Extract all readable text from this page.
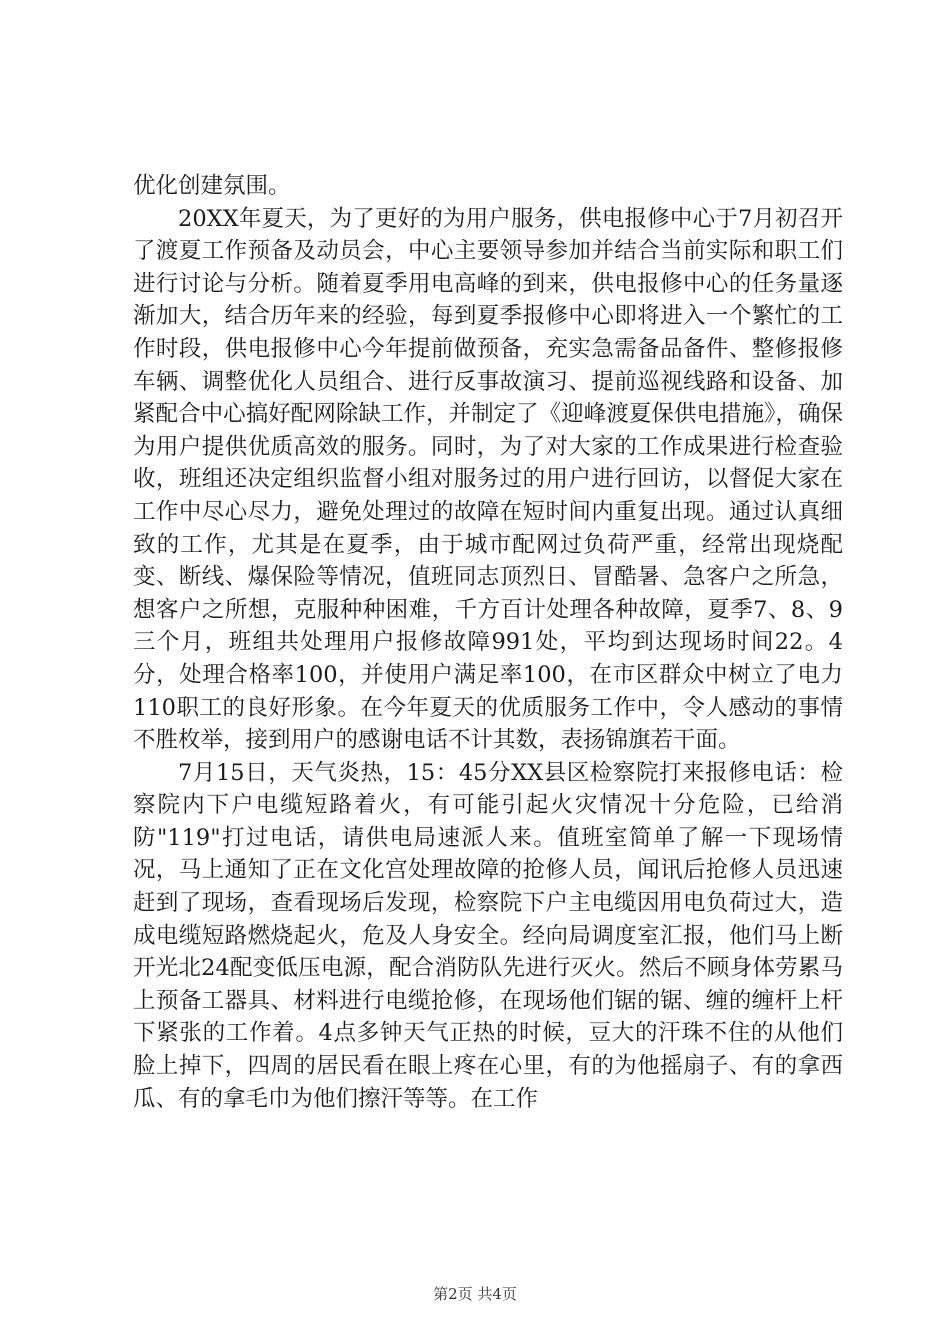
优化创建氛围。

20XX年夏天，为了更好的为用户服务，供电报修中心于7月初召开了渡夏工作预备及动员会，中心主要领导参加并结合当前实际和职工们进行讨论与分析。随着夏季用电高峰的到来，供电报修中心的任务量逐渐加大，结合历年来的经验，每到夏季报修中心即将进入一个繁忙的工作时段，供电报修中心今年提前做预备，充实急需备品备件、整修报修车辆、调整优化人员组合、进行反事故演习、提前巡视线路和设备、加紧配合中心搞好配网除缺工作，并制定了《迎峰渡夏保供电措施》，确保为用户提供优质高效的服务。同时，为了对大家的工作成果进行检查验收，班组还决定组织监督小组对服务过的用户进行回访，以督促大家在工作中尽心尽力，避免处理过的故障在短时间内重复出现。通过认真细致的工作，尤其是在夏季，由于城市配网过负荷严重，经常出现烧配变、断线、爆保险等情况，值班同志顶烈日、冒酷暑、急客户之所急，想客户之所想，克服种种困难，千方百计处理各种故障，夏季7、8、9三个月，班组共处理用户报修故障991处，平均到达现场时间22。4分，处理合格率100，并使用户满足率100，在市区群众中树立了电力110职工的良好形象。在今年夏天的优质服务工作中，令人感动的事情不胜枚举，接到用户的感谢电话不计其数，表扬锦旗若干面。

7月15日，天气炎热，15：45分XX县区检察院打来报修电话：检察院内下户电缆短路着火，有可能引起火灾情况十分危险，已给消防"119"打过电话，请供电局速派人来。值班室简单了解一下现场情况，马上通知了正在文化宫处理故障的抢修人员，闻讯后抢修人员迅速赶到了现场，查看现场后发现，检察院下户主电缆因用电负荷过大，造成电缆短路燃烧起火，危及人身安全。经向局调度室汇报，他们马上断开光北24配变低压电源，配合消防队先进行灭火。然后不顾身体劳累马上预备工器具、材料进行电缆抢修，在现场他们锯的锯、缠的缠杆上杆下紧张的工作着。4点多钟天气正热的时候，豆大的汗珠不住的从他们脸上掉下，四周的居民看在眼上疼在心里，有的为他摇扇子、有的拿西瓜、有的拿毛巾为他们擦汗等等。在工作

第2页 共4页
